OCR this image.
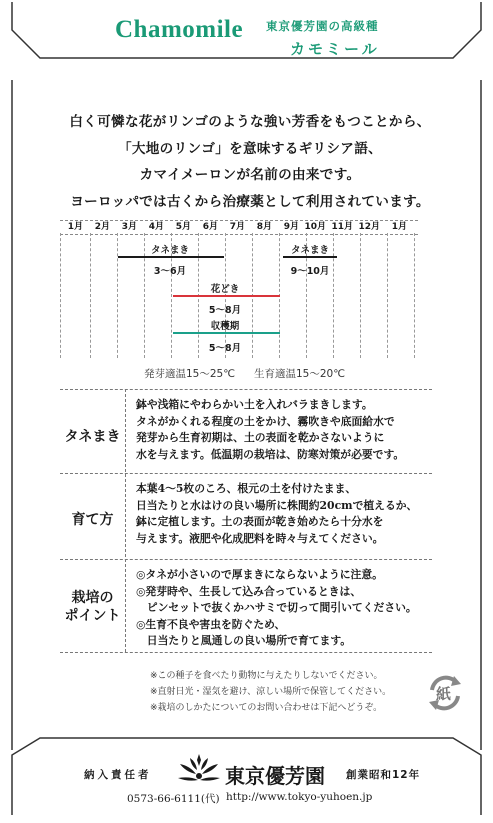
Chamomile 東京優芳園の高級種
カモミール
白く可憐な花がリンゴのような強い芳香をもつことから、
「大地のリンゴ」を意味するギリシア語、
カマイメーロンが名前の由来です。
ヨーロッパでは古くから治療薬として利用されています。
1月	2月	3月	4月	5月	6月	7月	8月	9月 10月 11月 12月	1月
タネまき
3～6月
タネまき
9～10月
花どき
5～8月
収穫期
5～8月
発芽適温15～25℃ 生育適温15～20℃
タネまき
鉢や浅箱にやわらかい土を入れバラまきします。
タネがかくれる程度の土をかけ、霧吹きや底面給水で
発芽から生育初期は、土の表面を乾かさないように
水を与えます。低温期の栽培は、防寒対策が必要です。
育て方
本葉4～5枚のころ、根元の土を付けたまま、
日当たりと水はけの良い場所に株間約20cmで植えるか、
鉢に定植します。土の表面が乾き始めたら十分水を
与えます。液肥や化成肥料を時々与えてください。
栽培の
ポイント
◎タネが小さいので厚まきにならないように注意。
◎発芽時や、生長して込み合っているときは、
　ピンセットで抜くかハサミで切って間引いてください。
◎生育不良や害虫を防ぐため、
　日当たりと風通しの良い場所で育てます。
※この種子を食べたり動物に与えたりしないでください。
※直射日光・湿気を避け、涼しい場所で保管してください。
※栽培のしかたについてのお問い合わせは下記へどうぞ。
紙
納入責任者	東京優芳園 創業昭和12年
0573-66-6111(代) http://www.tokyo-yuhoen.jp
